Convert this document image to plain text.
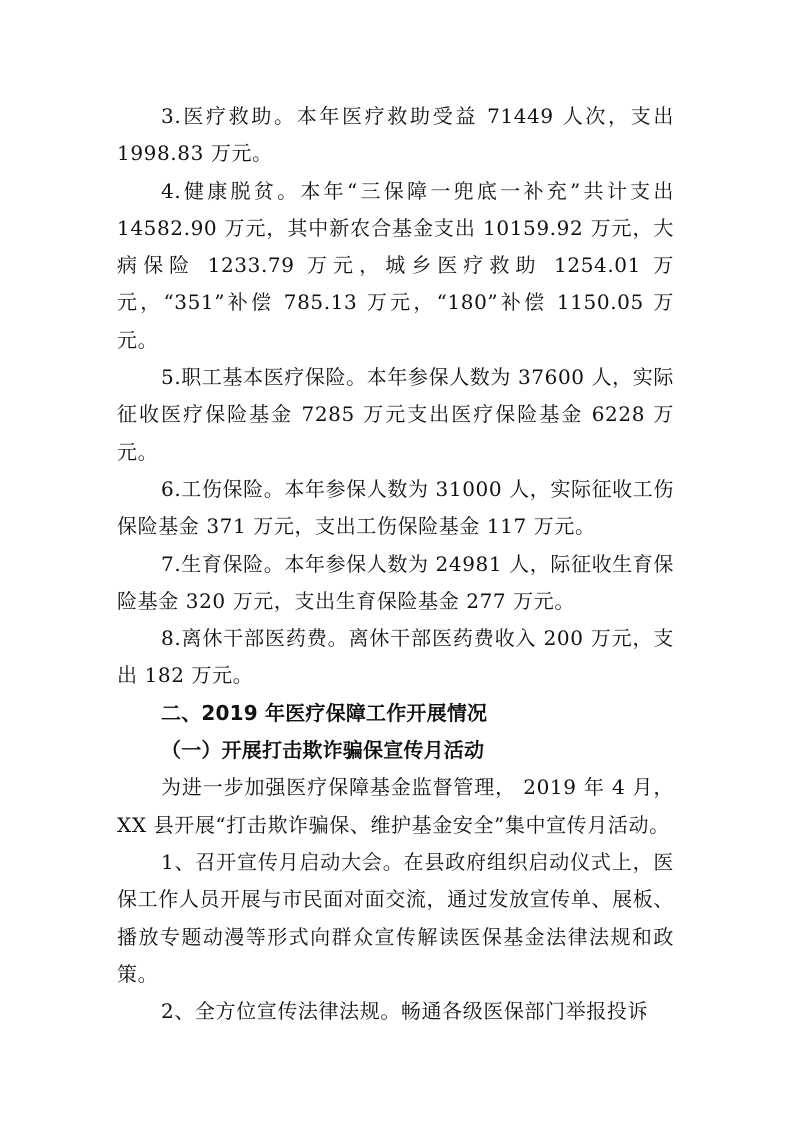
3.医疗救助。本年医疗救助受益 71449 人次，支出 1998.83 万元。

4.健康脱贫。本年“三保障一兜底一补充”共计支出 14582.90 万元，其中新农合基金支出 10159.92 万元，大病保险 1233.79 万元，城乡医疗救助 1254.01 万元，“351”补偿 785.13 万元，“180”补偿 1150.05 万元。

5.职工基本医疗保险。本年参保人数为 37600 人，实际征收医疗保险基金 7285 万元支出医疗保险基金 6228 万元。

6.工伤保险。本年参保人数为 31000 人，实际征收工伤保险基金 371 万元，支出工伤保险基金 117 万元。

7.生育保险。本年参保人数为 24981 人，际征收生育保险基金 320 万元，支出生育保险基金 277 万元。

8.离休干部医药费。离休干部医药费收入 200 万元，支出 182 万元。

二、2019 年医疗保障工作开展情况

（一）开展打击欺诈骗保宣传月活动

为进一步加强医疗保障基金监督管理， 2019 年 4 月，XX 县开展“打击欺诈骗保、维护基金安全”集中宣传月活动。

1、召开宣传月启动大会。在县政府组织启动仪式上，医保工作人员开展与市民面对面交流，通过发放宣传单、展板、播放专题动漫等形式向群众宣传解读医保基金法律法规和政策。

2、全方位宣传法律法规。畅通各级医保部门举报投诉
